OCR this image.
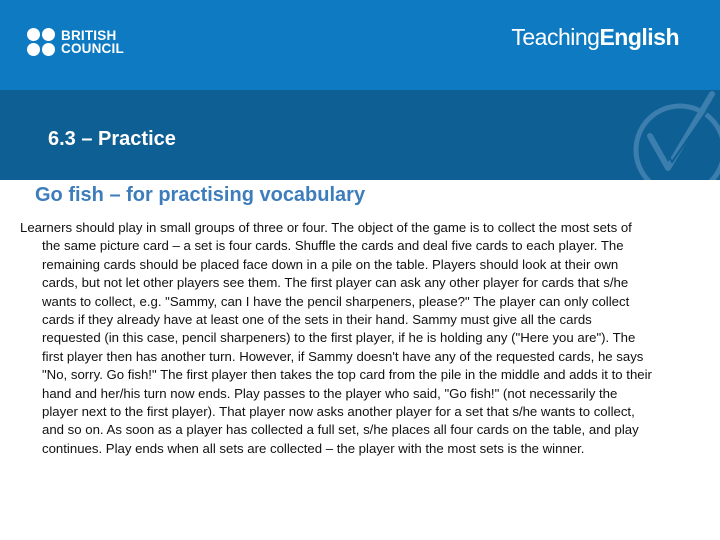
BRITISH
COUNCIL	TeachingEnglish
6.3 – Practice
Go fish – for practising vocabulary

Learners should play in small groups of three or four. The object of the game is to collect the most sets of the same picture card – a set is four cards. Shuffle the cards and deal five cards to each player. The remaining cards should be placed face down in a pile on the table. Players should look at their own cards, but not let other players see them. The first player can ask any other player for cards that s/he wants to collect, e.g. "Sammy, can I have the pencil sharpeners, please?" The player can only collect cards if they already have at least one of the sets in their hand. Sammy must give all the cards requested (in this case, pencil sharpeners) to the first player, if he is holding any ("Here you are"). The first player then has another turn. However, if Sammy doesn't have any of the requested cards, he says "No, sorry. Go fish!" The first player then takes the top card from the pile in the middle and adds it to their hand and her/his turn now ends. Play passes to the player who said, "Go fish!" (not necessarily the player next to the first player). That player now asks another player for a set that s/he wants to collect, and so on. As soon as a player has collected a full set, s/he places all four cards on the table, and play continues. Play ends when all sets are collected – the player with the most sets is the winner.
